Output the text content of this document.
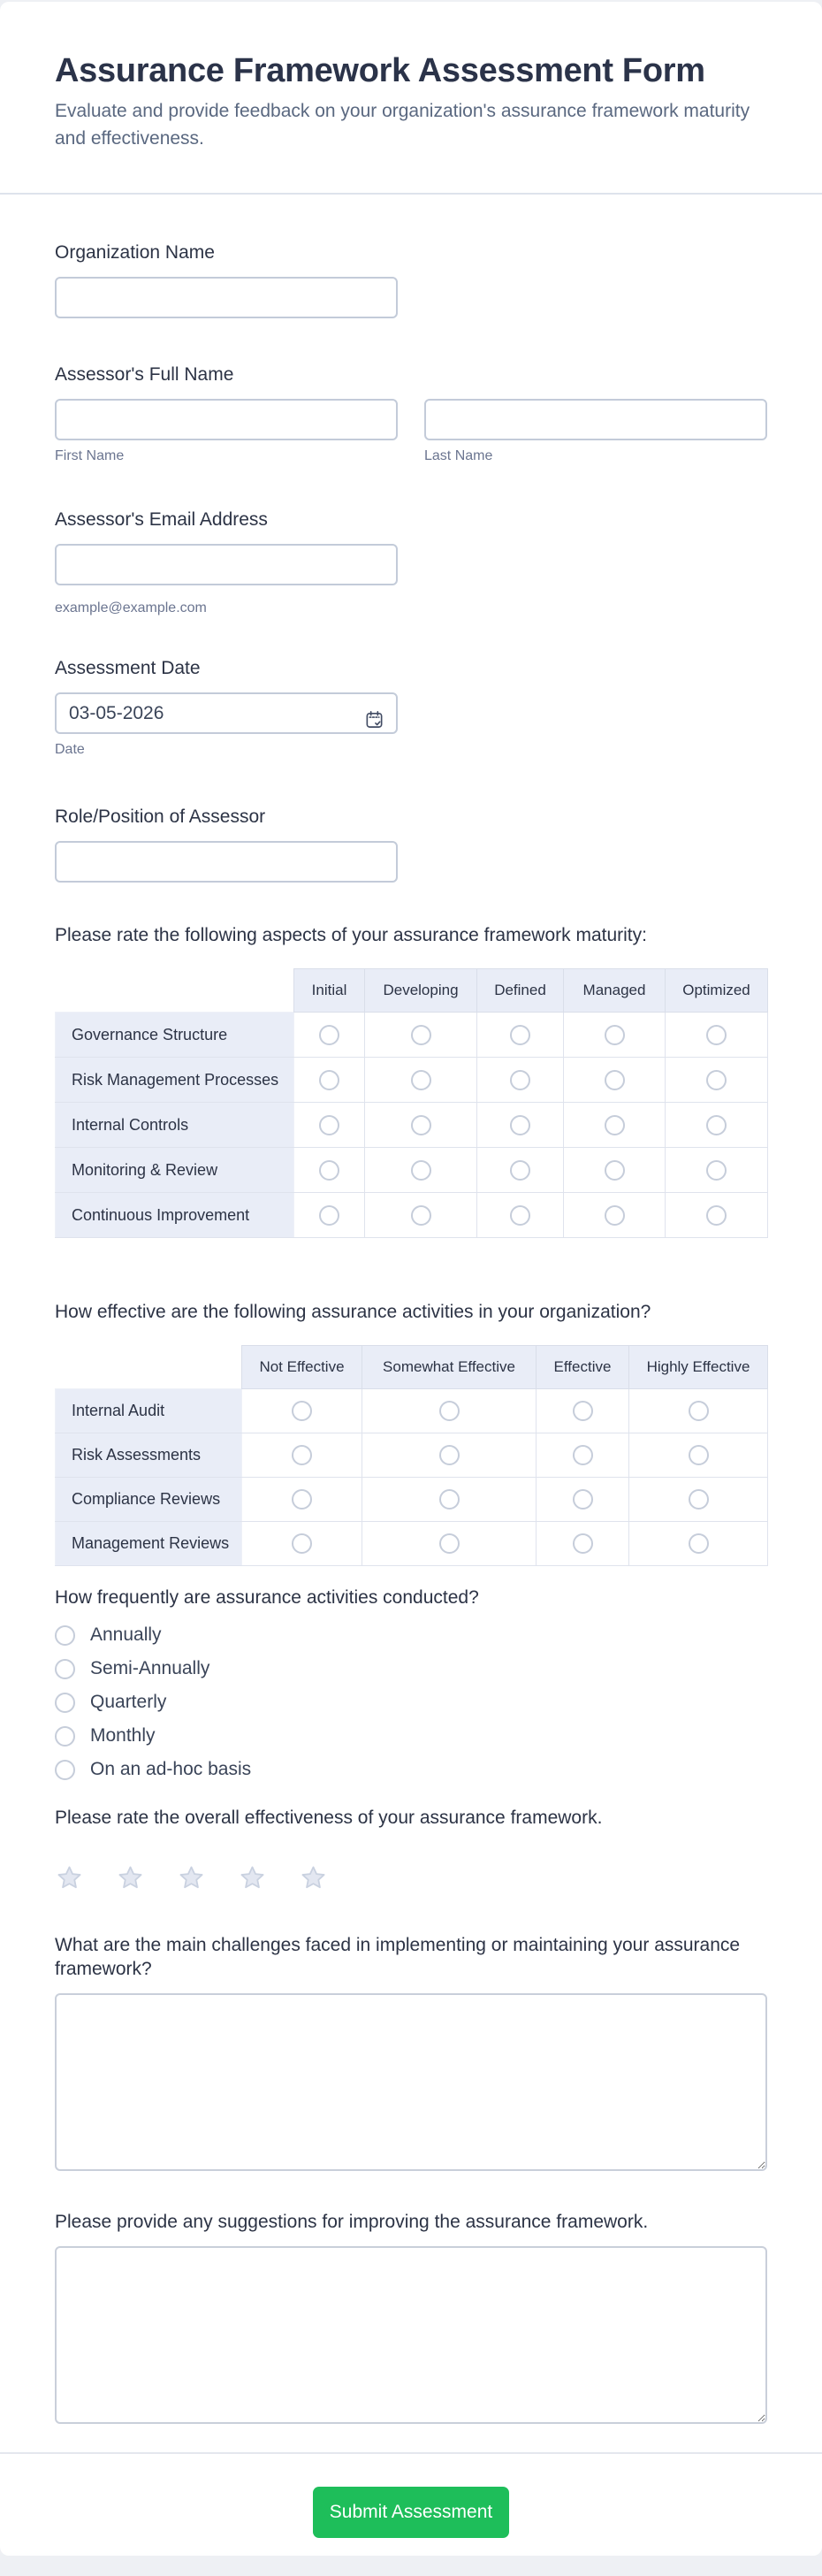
Assurance Framework Assessment Form

Evaluate and provide feedback on your organization's assurance framework maturity and effectiveness.

Organization Name
Assessor's Full Name
First Name	Last Name
Assessor's Email Address
example@example.com
Assessment Date
03-05-2026
Date
Role/Position of Assessor
Please rate the following aspects of your assurance framework maturity:
	Initial	Developing	Defined	Managed	Optimized
Governance Structure					
Risk Management Processes					
Internal Controls					
Monitoring & Review					
Continuous Improvement					
How effective are the following assurance activities in your organization?
	Not Effective	Somewhat Effective	Effective	Highly Effective
Internal Audit				
Risk Assessments				
Compliance Reviews				
Management Reviews				
How frequently are assurance activities conducted?
Annually
Semi-Annually
Quarterly
Monthly
On an ad-hoc basis
Please rate the overall effectiveness of your assurance framework.
What are the main challenges faced in implementing or maintaining your assurance framework?
Please provide any suggestions for improving the assurance framework.
Submit Assessment
